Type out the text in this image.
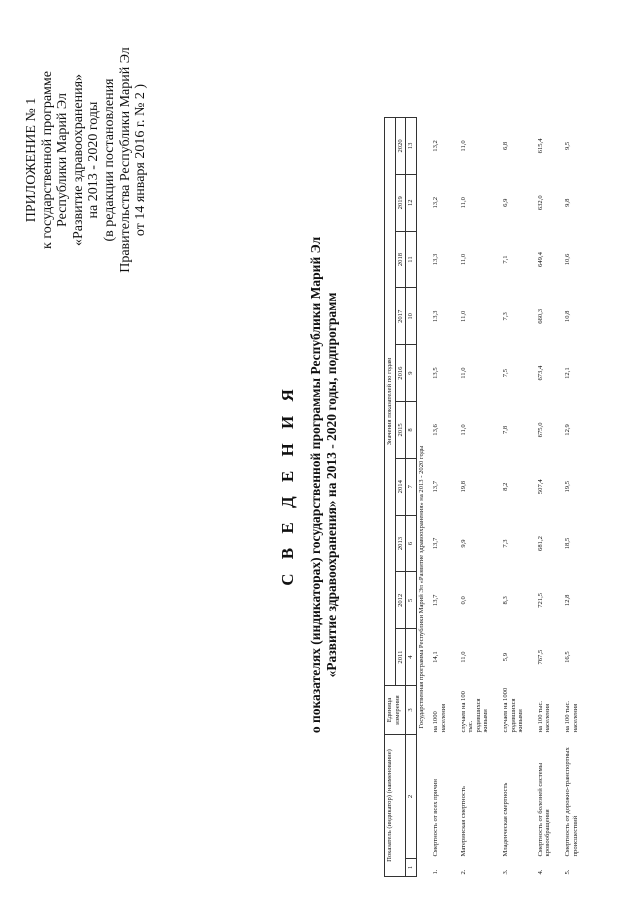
ПРИЛОЖЕНИЕ № 1 к государственной программе Республики Марий Эл «Развитие здравоохранения» на 2013 - 2020 годы (в редакции постановления Правительства Республики Марий Эл от 14 января 2016 г. № 2 )
С В Е Д Е Н И Я о показателях (индикаторах) государственной программы Республики Марий Эл «Развитие здравоохранения» на 2013 - 2020 годы, подпрограмм
Показатель (индикатор) (наименование)		Единица измерения	Значения показателей по годам									
			2011	2012	2013	2014	2015	2016	2017	2018	2019	2020
1	2	3	4	5	6	7	8	9	10	11	12	13
		Государственная программа Республики Марий Эл «Развитие здравоохранения» на 2013 - 2020 годы										
1.	Смертность от всех причин	на 1000 населения	14,1	13,7	13,7	13,7	13,6	13,5	13,3	13,3	13,2	13,2
2.	Материнская смертность	случаев на 100 тыс. родившихся живыми	11,0	0,0	9,9	19,8	11,0	11,0	11,0	11,0	11,0	11,0
3.	Младенческая смертность	случаев на 1000 родившихся живыми	5,9	8,3	7,3	8,2	7,8	7,5	7,3	7,1	6,9	6,8
4.	Смертность от болезней системы кровообращения	на 100 тыс. населения	767,5	721,5	681,2	507,4	675,0	673,4	660,3	649,4	632,0	615,4
5.	Смертность от дорожно-транспортных происшествий	на 100 тыс. населения	16,5	12,8	18,5	19,5	12,9	12,1	10,8	10,6	9,8	9,5
